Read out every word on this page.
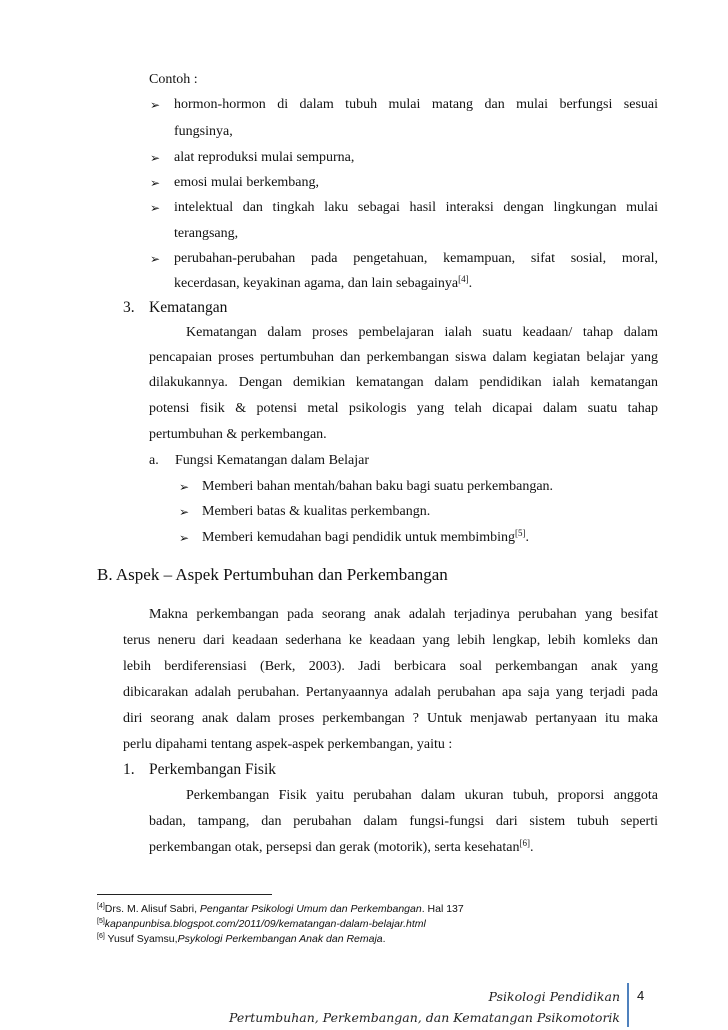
Contoh :
➢ hormon-hormon di dalam tubuh mulai matang dan mulai berfungsi sesuai
fungsinya,
➢ alat reproduksi mulai sempurna,
➢ emosi mulai berkembang,
➢ intelektual dan tingkah laku sebagai hasil interaksi dengan lingkungan mulai
terangsang,
➢ perubahan-perubahan pada pengetahuan, kemampuan, sifat sosial, moral,
kecerdasan, keyakinan agama, dan lain sebagainya[4].
3. Kematangan
Kematangan dalam proses pembelajaran ialah suatu keadaan/ tahap dalam
pencapaian proses pertumbuhan dan perkembangan siswa dalam kegiatan belajar yang
dilakukannya. Dengan demikian kematangan dalam pendidikan ialah kematangan
potensi fisik & potensi metal psikologis yang telah dicapai dalam suatu tahap
pertumbuhan & perkembangan.
a. Fungsi Kematangan dalam Belajar
➢ Memberi bahan mentah/bahan baku bagi suatu perkembangan.
➢ Memberi batas & kualitas perkembangn.
➢ Memberi kemudahan bagi pendidik untuk membimbing[5].
B. Aspek – Aspek Pertumbuhan dan Perkembangan
Makna perkembangan pada seorang anak adalah terjadinya perubahan yang besifat
terus neneru dari keadaan sederhana ke keadaan yang lebih lengkap, lebih komleks dan
lebih berdiferensiasi (Berk, 2003). Jadi berbicara soal perkembangan anak yang
dibicarakan adalah perubahan. Pertanyaannya adalah perubahan apa saja yang terjadi pada
diri seorang anak dalam proses perkembangan ? Untuk menjawab pertanyaan itu maka
perlu dipahami tentang aspek-aspek perkembangan, yaitu :
1. Perkembangan Fisik
Perkembangan Fisik yaitu perubahan dalam ukuran tubuh, proporsi anggota
badan, tampang, dan perubahan dalam fungsi-fungsi dari sistem tubuh seperti
perkembangan otak, persepsi dan gerak (motorik), serta kesehatan[6].
[4]Drs. M. Alisuf Sabri, Pengantar Psikologi Umum dan Perkembangan. Hal 137
[5]kapanpunbisa.blogspot.com/2011/09/kematangan-dalam-belajar.html
[6] Yusuf Syamsu,Psykologi Perkembangan Anak dan Remaja.
Psikologi Pendidikan 4
Pertumbuhan, Perkembangan, dan Kematangan Psikomotorik
